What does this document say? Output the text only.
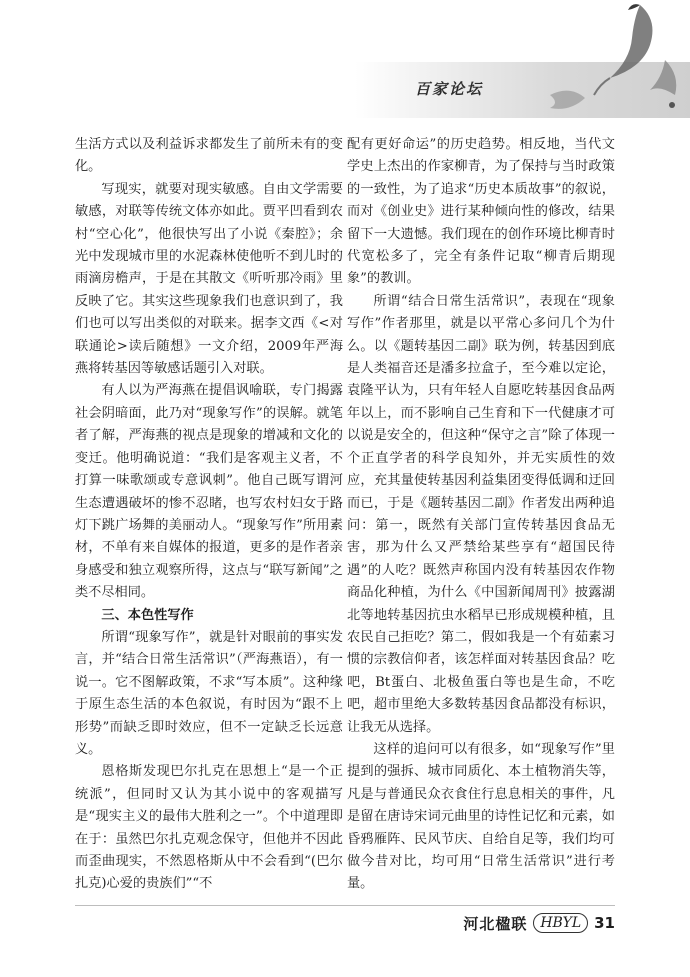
百家论坛

生活方式以及利益诉求都发生了前所未有的变化。

写现实，就要对现实敏感。自由文学需要敏感，对联等传统文体亦如此。贾平凹看到农村“空心化”，他很快写出了小说《秦腔》；余光中发现城市里的水泥森林使他听不到儿时的雨滴房檐声，于是在其散文《听听那冷雨》里反映了它。其实这些现象我们也意识到了，我们也可以写出类似的对联来。据李文西《<对联通论>读后随想》一文介绍，2009年严海燕将转基因等敏感话题引入对联。

有人以为严海燕在提倡讽喻联，专门揭露社会阴暗面，此乃对“现象写作”的误解。就笔者了解，严海燕的视点是现象的增减和文化的变迁。他明确说道：“我们是客观主义者，不打算一味歌颂或专意讽刺”。他自己既写谓河生态遭遇破坏的惨不忍睹，也写农村妇女于路灯下跳广场舞的美丽动人。“现象写作”所用素材，不单有来自媒体的报道，更多的是作者亲身感受和独立观察所得，这点与“联写新闻”之类不尽相同。

三、本色性写作

所谓“现象写作”，就是针对眼前的事实发言，并“结合日常生活常识”（严海燕语），有一说一。它不图解政策，不求“写本质”。这种缘于原生态生活的本色叙说，有时因为“跟不上形势”而缺乏即时效应，但不一定缺乏长远意义。

恩格斯发现巴尔扎克在思想上“是一个正统派”，但同时又认为其小说中的客观描写是“现实主义的最伟大胜利之一”。个中道理即在于：虽然巴尔扎克观念保守，但他并不因此而歪曲现实，不然恩格斯从中不会看到“(巴尔扎克)心爱的贵族们”“不

配有更好命运”的历史趋势。相反地，当代文学史上杰出的作家柳青，为了保持与当时政策的一致性，为了追求“历史本质故事”的叙说，而对《创业史》进行某种倾向性的修改，结果留下一大遗憾。我们现在的创作环境比柳青时代宽松多了，完全有条件记取“柳青后期现象”的教训。

所谓“结合日常生活常识”，表现在“现象写作”作者那里，就是以平常心多问几个为什么。以《题转基因二副》联为例，转基因到底是人类福音还是潘多拉盒子，至今难以定论，袁隆平认为，只有年轻人自愿吃转基因食品两年以上，而不影响自己生育和下一代健康才可以说是安全的，但这种“保守之言”除了体现一个正直学者的科学良知外，并无实质性的效应，充其量使转基因利益集团变得低调和迂回而已，于是《题转基因二副》作者发出两种追问：第一，既然有关部门宣传转基因食品无害，那为什么又严禁给某些享有“超国民待遇”的人吃？既然声称国内没有转基因农作物商品化种植，为什么《中国新闻周刊》披露湖北等地转基因抗虫水稻早已形成规模种植，且农民自己拒吃？第二，假如我是一个有茹素习惯的宗教信仰者，该怎样面对转基因食品？吃吧，Bt蛋白、北极鱼蛋白等也是生命，不吃吧，超市里绝大多数转基因食品都没有标识，让我无从选择。

这样的追问可以有很多，如“现象写作”里提到的强拆、城市同质化、本土植物消失等，凡是与普通民众衣食住行息息相关的事件，凡是留在唐诗宋词元曲里的诗性记忆和元素，如昏鸦雁阵、民风节庆、自给自足等，我们均可做今昔对比，均可用“日常生活常识”进行考量。

河北楹联 HBYL 31
